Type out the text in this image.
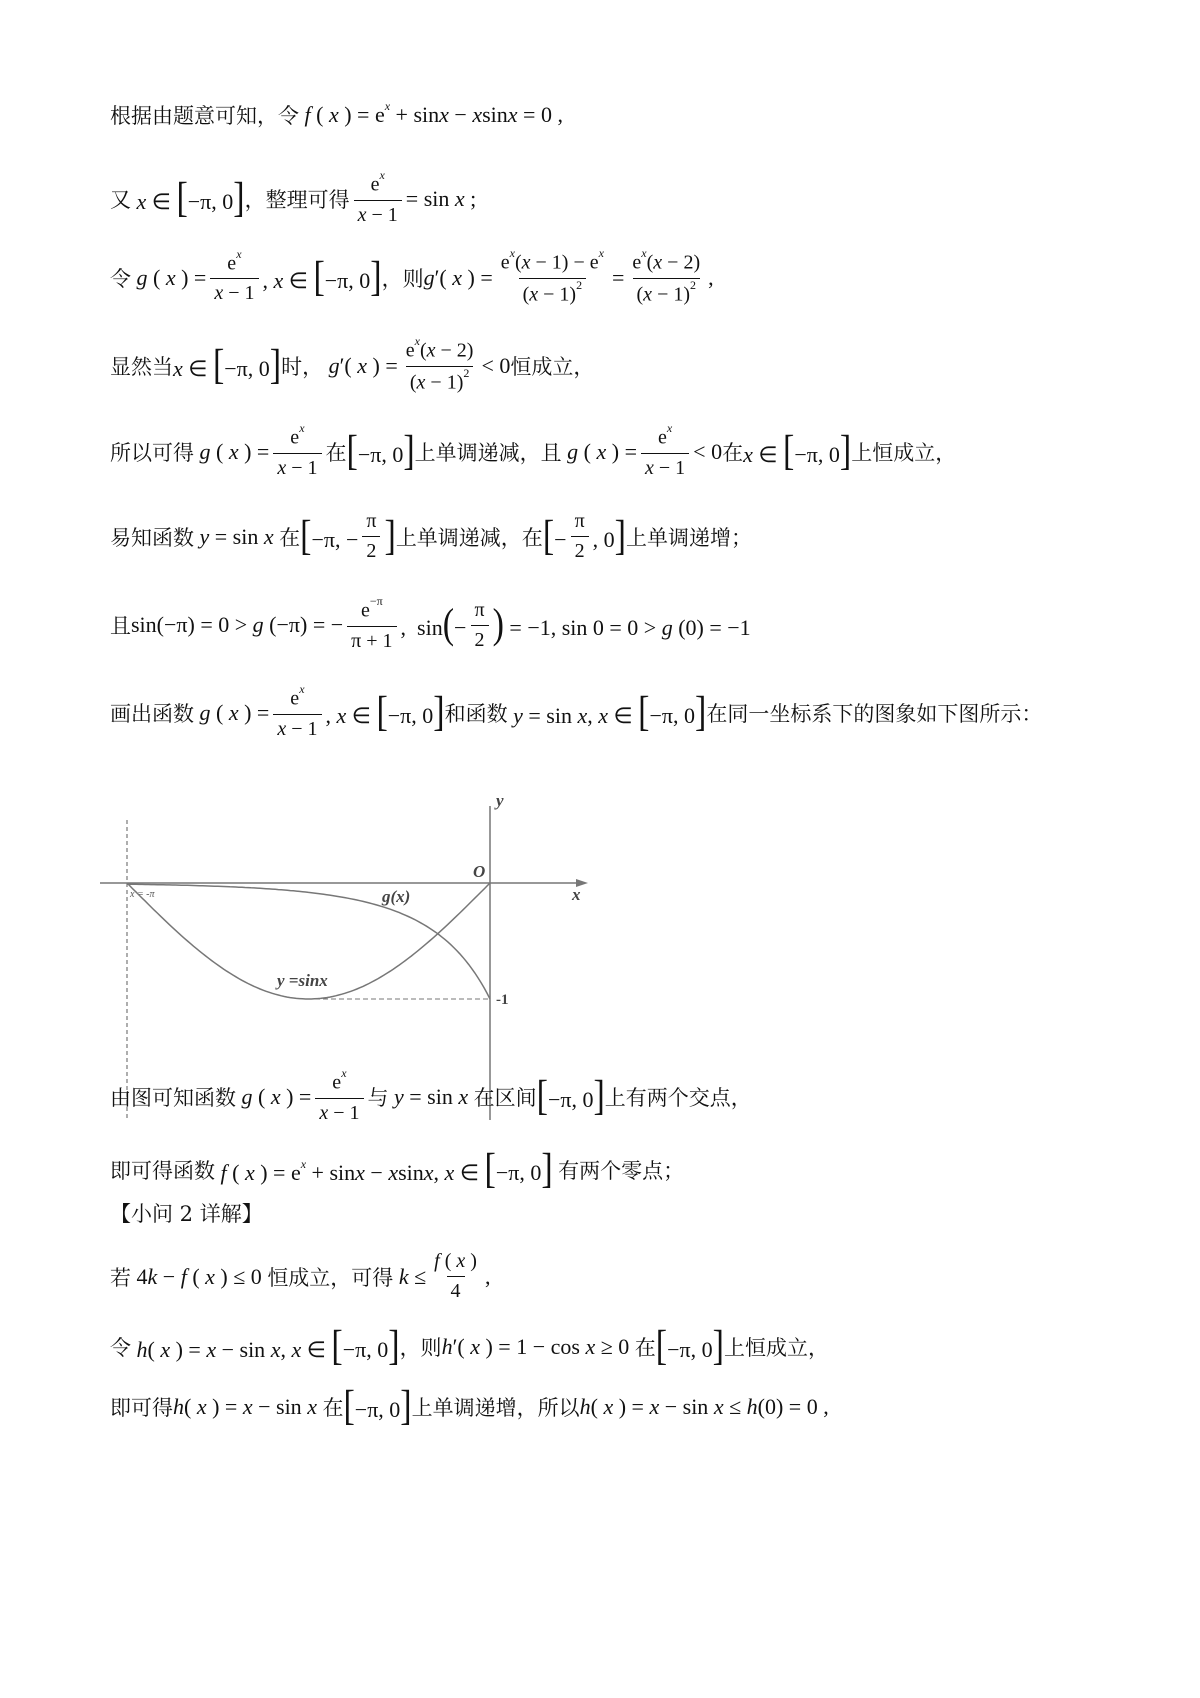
根据由题意可知，令 f ( x ) = $e^x + \sin x - xsinx = 0$ ,
又 x ∈ [−π, 0] ，整理可得 $\frac{e^x}{x - 1} = \sin x$ ;
令 g ( x ) = $\frac{e^x}{x - 1}$ , x ∈ [−π, 0] ，则 g′( x ) = $\frac{e^x(x - 1) - e^x}{(x - 1)^2} = \frac{e^x(x - 2)}{(x - 1)^2}$ ,
显然当 x ∈ [−π, 0] 时， g′( x ) = $\frac{e^x(x - 2)}{(x - 1)^2} < 0$ 恒成立，
所以可得 g ( x ) = $\frac{e^x}{x - 1}$ 在 [−π, 0] 上单调递减，且 g ( x ) = $\frac{e^x}{x - 1} < 0$ 在 x ∈ [−π, 0] 上恒成立，
易知函数 y = sin x 在 [−π, − $\frac{\pi}{2}$ ] 上单调递减，在 [− $\frac{\pi}{2}$ , 0] 上单调递增；
且 sin(−π) = 0 > g (−π) = − $\frac{e^{-\pi}}{\pi + 1}$ ,  $\sin(- \frac{\pi}{2}$ ) = −1, sin 0 = 0 > g (0) = −1
画出函数 g ( x ) = $\frac{e^x}{x - 1}$ , x ∈ [−π, 0] 和函数 y = sin x, x ∈ [−π, 0] 在同一坐标系下的图象如下图所示：
x = -π	x
y
O
-1
g(x)
y =sinx
由图可知函数 g ( x ) = $\frac{e^x}{x - 1}$ 与 y = sin x 在区间 [−π, 0] 上有两个交点，
即可得函数 f ( x ) = $e^x + \sin x - xsinx$, x ∈ [−π, 0] 有两个零点；
【小问 2 详解】
若 4k − f ( x ) ≤ 0 恒成立，可得 $k \le \frac{f ( x )}{4}$ ,
令 h( x ) = x − sin x, x ∈ [−π, 0] ，则 h′( x ) = 1 − cos x ≥ 0 在 [−π, 0] 上恒成立，
即可得 h( x ) = x − sin x 在 [−π, 0] 上单调递增，所以 h( x ) = x − sin x ≤ h(0) = 0 ,
